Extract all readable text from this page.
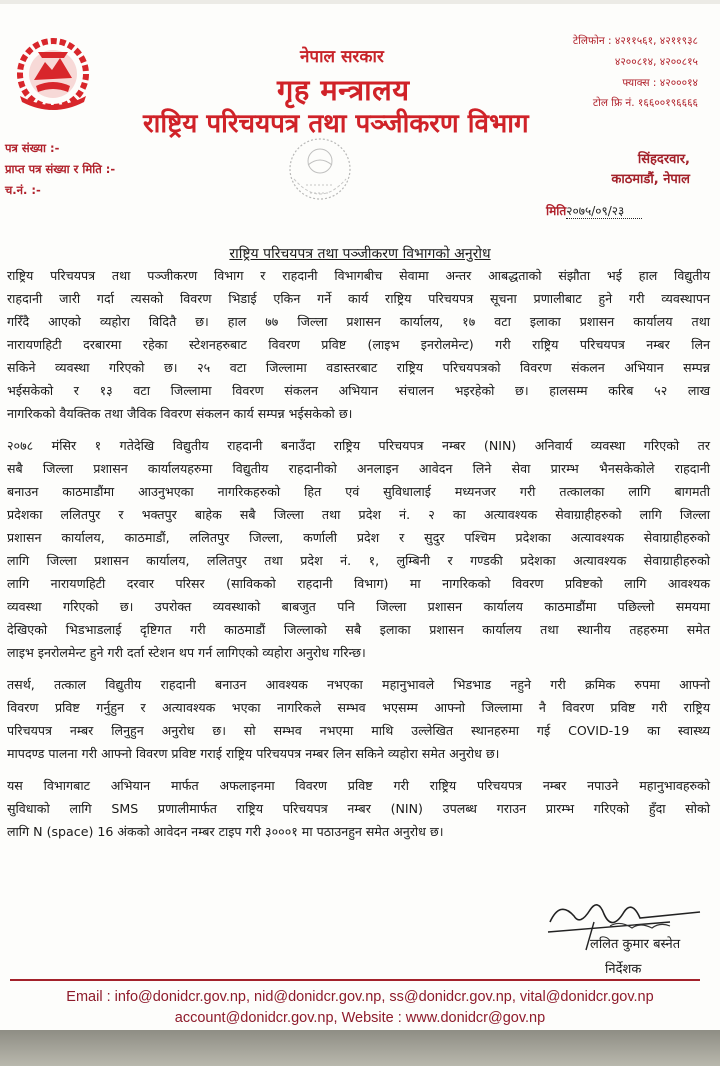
नेपाल सरकार
गृह मन्त्रालय
राष्ट्रिय परिचयपत्र तथा पञ्जीकरण विभाग
टेलिफोन : ४२११५६१, ४२११९३८
४२००८१४, ४२००८१५
फ्याक्स : ४२०००१४
टोल फ्रि नं. १६६००१९६६६६
पत्र संख्या :-
प्राप्त पत्र संख्या र मिति :-
च.नं. :-
सिंहदरवार,
काठमाडौं, नेपाल
मिति२०७५/०९/२३
राष्ट्रिय परिचयपत्र तथा पञ्जीकरण विभागको अनुरोध
राष्ट्रिय परिचयपत्र तथा पञ्जीकरण विभाग र राहदानी विभागबीच सेवामा अन्तर आबद्धताको संझौता भई हाल विद्युतीय
राहदानी जारी गर्दा त्यसको विवरण भिडाई एकिन गर्ने कार्य राष्ट्रिय परिचयपत्र सूचना प्रणालीबाट हुने गरी व्यवस्थापन
गरिँदै आएको व्यहोरा विदितै छ। हाल ७७ जिल्ला प्रशासन कार्यालय, १७ वटा इलाका प्रशासन कार्यालय तथा
नारायणहिटी दरबारमा रहेका स्टेशनहरुबाट विवरण प्रविष्ट (लाइभ इनरोलमेन्ट) गरी राष्ट्रिय परिचयपत्र नम्बर लिन
सकिने व्यवस्था गरिएको छ। २५ वटा जिल्लामा वडास्तरबाट राष्ट्रिय परिचयपत्रको विवरण संकलन अभियान सम्पन्न
भईसकेको र १३ वटा जिल्लामा विवरण संकलन अभियान संचालन भइरहेको छ। हालसम्म करिब ५२ लाख
नागरिकको वैयक्तिक तथा जैविक विवरण संकलन कार्य सम्पन्न भईसकेको छ।
२०७८ मंसिर १ गतेदेखि विद्युतीय राहदानी बनाउँदा राष्ट्रिय परिचयपत्र नम्बर (NIN) अनिवार्य व्यवस्था गरिएको तर
सबै जिल्ला प्रशासन कार्यालयहरुमा विद्युतीय राहदानीको अनलाइन आवेदन लिने सेवा प्रारम्भ भैनसकेकोले राहदानी
बनाउन काठमाडौंमा आउनुभएका नागरिकहरुको हित एवं सुविधालाई मध्यनजर गरी तत्कालका लागि बागमती
प्रदेशका ललितपुर र भक्तपुर बाहेक सबै जिल्ला तथा प्रदेश नं. २ का अत्यावश्यक सेवाग्राहीहरुको लागि जिल्ला
प्रशासन कार्यालय, काठमाडौं, ललितपुर जिल्ला, कर्णाली प्रदेश र सुदुर पश्चिम प्रदेशका अत्यावश्यक सेवाग्राहीहरुको
लागि जिल्ला प्रशासन कार्यालय, ललितपुर तथा प्रदेश नं. १, लुम्बिनी र गण्डकी प्रदेशका अत्यावश्यक सेवाग्राहीहरुको
लागि नारायणहिटी दरवार परिसर (साविकको राहदानी विभाग) मा नागरिकको विवरण प्रविष्टको लागि आवश्यक
व्यवस्था गरिएको छ। उपरोक्त व्यवस्थाको बाबजुत पनि जिल्ला प्रशासन कार्यालय काठमाडौंमा पछिल्लो समयमा
देखिएको भिडभाडलाई दृष्टिगत गरी काठमाडौं जिल्लाको सबै इलाका प्रशासन कार्यालय तथा स्थानीय तहहरुमा समेत
लाइभ इनरोलमेन्ट हुने गरी दर्ता स्टेशन थप गर्न लागिएको व्यहोरा अनुरोध गरिन्छ।
तसर्थ, तत्काल विद्युतीय राहदानी बनाउन आवश्यक नभएका महानुभावले भिडभाड नहुने गरी क्रमिक रुपमा आफ्नो
विवरण प्रविष्ट गर्नुहुन र अत्यावश्यक भएका नागरिकले सम्भव भएसम्म आफ्नो जिल्लामा नै विवरण प्रविष्ट गरी राष्ट्रिय
परिचयपत्र नम्बर लिनुहुन अनुरोध छ। सो सम्भव नभएमा माथि उल्लेखित स्थानहरुमा गई COVID-19 का स्वास्थ्य
मापदण्ड पालना गरी आफ्नो विवरण प्रविष्ट गराई राष्ट्रिय परिचयपत्र नम्बर लिन सकिने व्यहोरा समेत अनुरोध छ।
यस विभागबाट अभियान मार्फत अफलाइनमा विवरण प्रविष्ट गरी राष्ट्रिय परिचयपत्र नम्बर नपाउने महानुभावहरुको
सुविधाको लागि SMS प्रणालीमार्फत राष्ट्रिय परिचयपत्र नम्बर (NIN) उपलब्ध गराउन प्रारम्भ गरिएको हुँदा सोको
लागि N (space) 16 अंकको आवेदन नम्बर टाइप गरी ३०००१ मा पठाउनहुन समेत अनुरोध छ।
ललित कुमार बस्नेत
निर्देशक
Email : info@donidcr.gov.np, nid@donidcr.gov.np, ss@donidcr.gov.np, vital@donidcr.gov.np
account@donidcr.gov.np, Website : www.donidcr@gov.np
